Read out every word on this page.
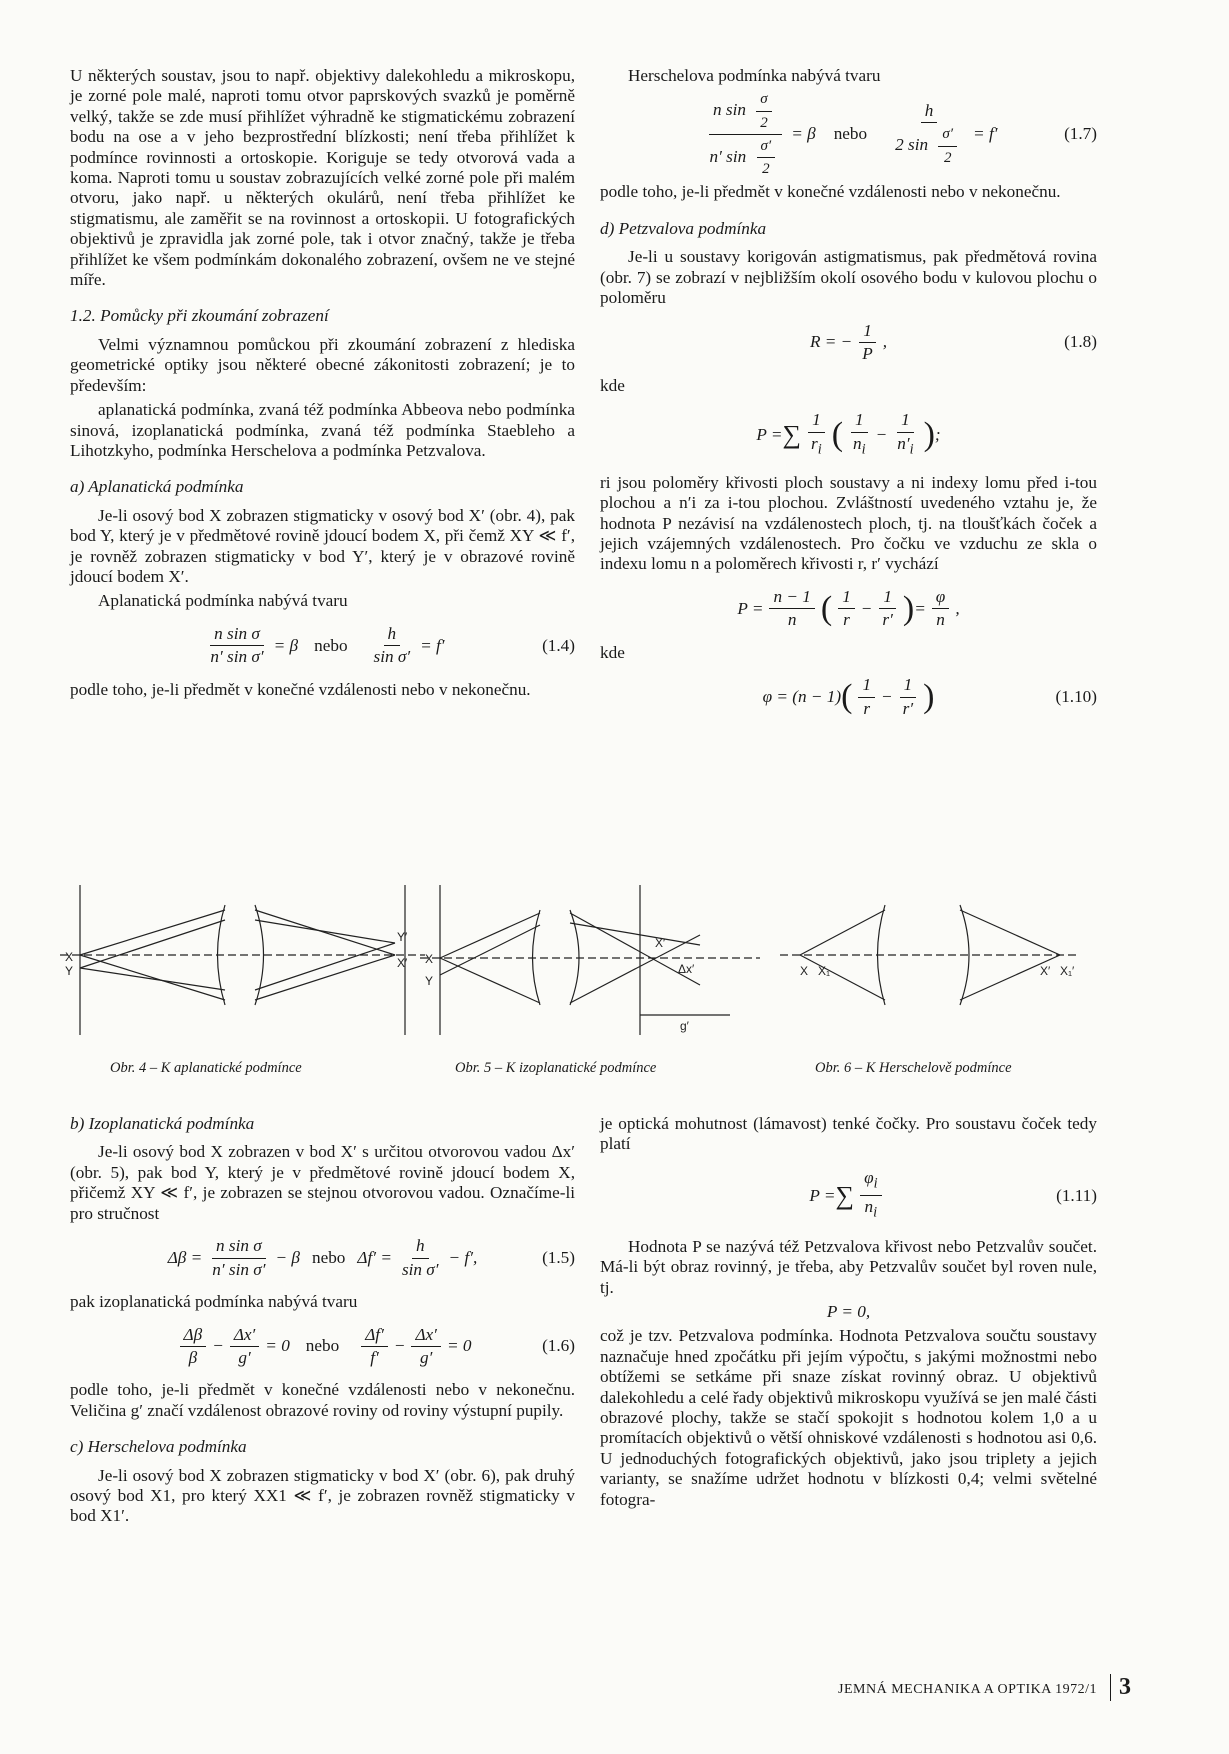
U některých soustav, jsou to např. objektivy dalekohledu a mikroskopu, je zorné pole malé, naproti tomu otvor paprskových svazků je poměrně velký, takže se zde musí přihlížet výhradně ke stigmatickému zobrazení bodu na ose a v jeho bezprostřední blízkosti; není třeba přihlížet k podmínce rovinnosti a ortoskopie. Koriguje se tedy otvorová vada a koma. Naproti tomu u soustav zobrazujících velké zorné pole při malém otvoru, jako např. u některých okulárů, není třeba přihlížet ke stigmatismu, ale zaměřit se na rovinnost a ortoskopii. U fotografických objektivů je zpravidla jak zorné pole, tak i otvor značný, takže je třeba přihlížet ke všem podmínkám dokonalého zobrazení, ovšem ne ve stejné míře.

1.2. Pomůcky při zkoumání zobrazení

Velmi významnou pomůckou při zkoumání zobrazení z hlediska geometrické optiky jsou některé obecné zákonitosti zobrazení; je to především:

aplanatická podmínka, zvaná též podmínka Abbeova nebo podmínka sinová, izoplanatická podmínka, zvaná též podmínka Staebleho a Lihotzkyho, podmínka Herschelova a podmínka Petzvalova.

a) Aplanatická podmínka

Je-li osový bod X zobrazen stigmaticky v osový bod X′ (obr. 4), pak bod Y, který je v předmětové rovině jdoucí bodem X, při čemž XY ≪ f′, je rovněž zobrazen stigmaticky v bod Y′, který je v obrazové rovině jdoucí bodem X′.

Aplanatická podmínka nabývá tvaru

$\frac{\text{n sin σ}}{\text{n′ sin σ′}} = \beta$ nebo $\frac{h}{\text{sin σ′}} = f'$	(1.4)

podle toho, je-li předmět v konečné vzdálenosti nebo v nekonečnu.

Herschelova podmínka nabývá tvaru

$\frac{n \sin \frac{\sigma}{2}}{n' \sin \frac{\sigma'}{2}} = \beta$ nebo $\frac{h}{2 \sin \frac{\sigma'}{2}} = f'$	(1.7)

podle toho, je-li předmět v konečné vzdálenosti nebo v nekonečnu.

d) Petzvalova podmínka

Je-li u soustavy korigován astigmatismus, pak předmětová rovina (obr. 7) se zobrazí v nejbližším okolí osového bodu v kulovou plochu o poloměru

R = − $\frac{1}{P}$ ,	(1.8)

kde

P = ∑ $\frac{1}{r_i}$ ( $\frac{1}{n_i} - \frac{1}{n'_i}$ ) ;

ri jsou poloměry křivosti ploch soustavy a ni indexy lomu před i-tou plochou a n′i za i-tou plochou. Zvláštností uvedeného vztahu je, že hodnota P nezávisí na vzdálenostech ploch, tj. na tloušťkách čoček a jejich vzájemných vzdálenostech. Pro čočku ve vzduchu ze skla o indexu lomu n a poloměrech křivosti r, r′ vychází

$P = \frac{n - 1}{n}$ ( $\frac{1}{r} - \frac{1}{r'}$ ) = $\frac{\varphi}{n}$ ,

kde

φ = (n − 1) ( $\frac{1}{r} - \frac{1}{r'}$ )	(1.10)
X
Y
Y′
X′ X
Y
X′
Δx′
g′
X X₁	X′ X₁′
Obr. 4 – K aplanatické podmínce	Obr. 5 – K izoplanatické podmínce	Obr. 6 – K Herschelově podmínce

b) Izoplanatická podmínka

Je-li osový bod X zobrazen v bod X′ s určitou otvorovou vadou Δx′ (obr. 5), pak bod Y, který je v předmětové rovině jdoucí bodem X, přičemž XY ≪ f′, je zobrazen se stejnou otvorovou vadou. Označíme-li pro stručnost

$\Delta\beta = \frac{\text{n sin σ}}{\text{n′ sin σ′}} - \beta$ nebo $\Delta f' = \frac{h}{\text{sin σ′}} - f'$,	(1.5)

pak izoplanatická podmínka nabývá tvaru

$\frac{\Delta\beta}{\beta} - \frac{\Delta x'}{g'} = 0$ nebo $\frac{\Delta f'}{f'} - \frac{\Delta x'}{g'} = 0$	(1.6)

podle toho, je-li předmět v konečné vzdálenosti nebo v nekonečnu. Veličina g′ značí vzdálenost obrazové roviny od roviny výstupní pupily.

c) Herschelova podmínka

Je-li osový bod X zobrazen stigmaticky v bod X′ (obr. 6), pak druhý osový bod X1, pro který XX1 ≪ f′, je zobrazen rovněž stigmaticky v bod X1′.

je optická mohutnost (lámavost) tenké čočky. Pro soustavu čoček tedy platí

P = ∑ $\frac{\varphi_i}{n_i}$	(1.11)

Hodnota P se nazývá též Petzvalova křivost nebo Petzvalův součet. Má-li být obraz rovinný, je třeba, aby Petzvalův součet byl roven nule, tj.

P = 0,

což je tzv. Petzvalova podmínka. Hodnota Petzvalova součtu soustavy naznačuje hned zpočátku při jejím výpočtu, s jakými možnostmi nebo obtížemi se setkáme při snaze získat rovinný obraz. U objektivů dalekohledu a celé řady objektivů mikroskopu využívá se jen malé části obrazové plochy, takže se stačí spokojit s hodnotou kolem 1,0 a u promítacích objektivů o větší ohniskové vzdálenosti s hodnotou asi 0,6. U jednoduchých fotografických objektivů, jako jsou triplety a jejich varianty, se snažíme udržet hodnotu v blízkosti 0,4; velmi světelné fotogra-

JEMNÁ MECHANIKA A OPTIKA 1972/1 3
